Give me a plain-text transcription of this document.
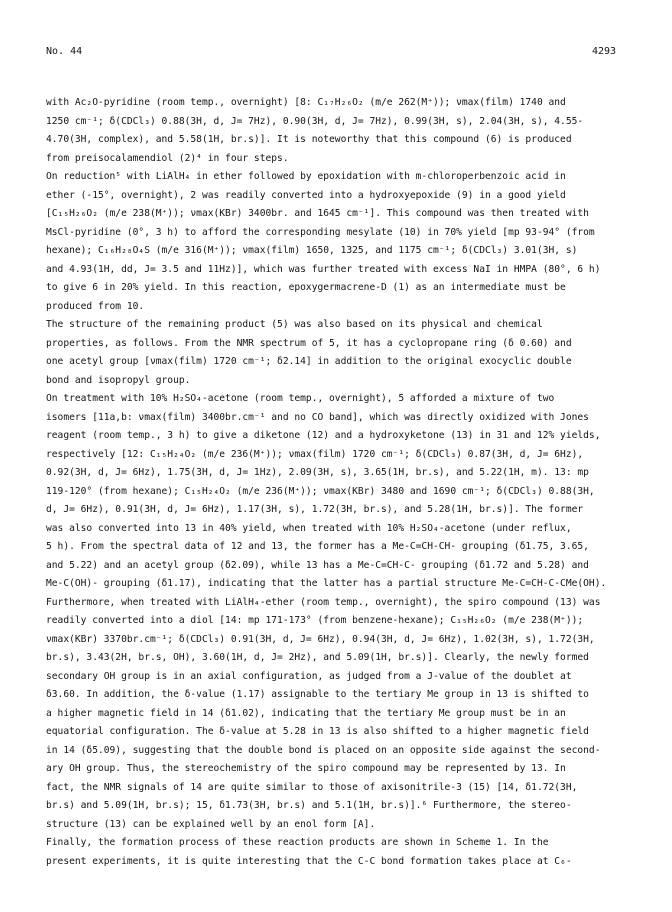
No. 44	4293
with Ac₂O-pyridine (room temp., overnight) [8: C₁₇H₂₆O₂ (m/e 262(M⁺)); νmax(film) 1740 and
1250 cm⁻¹; δ(CDCl₃) 0.88(3H, d, J= 7Hz), 0.90(3H, d, J= 7Hz), 0.99(3H, s), 2.04(3H, s), 4.55-
4.70(3H, complex), and 5.58(1H, br.s)]. It is noteworthy that this compound (6) is produced
from preisocalamendiol (2)⁴ in four steps.
On reduction⁵ with LiAlH₄ in ether followed by epoxidation with m-chloroperbenzoic acid in
ether (-15°, overnight), 2 was readily converted into a hydroxyepoxide (9) in a good yield
[C₁₅H₂₆O₂ (m/e 238(M⁺)); νmax(KBr) 3400br. and 1645 cm⁻¹]. This compound was then treated with
MsCl-pyridine (0°, 3 h) to afford the corresponding mesylate (10) in 70% yield [mp 93-94° (from
hexane); C₁₆H₂₈O₄S (m/e 316(M⁺)); νmax(film) 1650, 1325, and 1175 cm⁻¹; δ(CDCl₃) 3.01(3H, s)
and 4.93(1H, dd, J= 3.5 and 11Hz)], which was further treated with excess NaI in HMPA (80°, 6 h)
to give 6 in 20% yield. In this reaction, epoxygermacrene-D (1) as an intermediate must be
produced from 10.
The structure of the remaining product (5) was also based on its physical and chemical
properties, as follows. From the NMR spectrum of 5, it has a cyclopropane ring (δ 0.60) and
one acetyl group [νmax(film) 1720 cm⁻¹; δ2.14] in addition to the original exocyclic double
bond and isopropyl group.
On treatment with 10% H₂SO₄-acetone (room temp., overnight), 5 afforded a mixture of two
isomers [11a,b: νmax(film) 3400br.cm⁻¹ and no CO band], which was directly oxidized with Jones
reagent (room temp., 3 h) to give a diketone (12) and a hydroxyketone (13) in 31 and 12% yields,
respectively [12: C₁₅H₂₄O₂ (m/e 236(M⁺)); νmax(film) 1720 cm⁻¹; δ(CDCl₃) 0.87(3H, d, J= 6Hz),
0.92(3H, d, J= 6Hz), 1.75(3H, d, J= 1Hz), 2.09(3H, s), 3.65(1H, br.s), and 5.22(1H, m). 13: mp
119-120° (from hexane); C₁₅H₂₄O₂ (m/e 236(M⁺)); νmax(KBr) 3480 and 1690 cm⁻¹; δ(CDCl₃) 0.88(3H,
d, J= 6Hz), 0.91(3H, d, J= 6Hz), 1.17(3H, s), 1.72(3H, br.s), and 5.28(1H, br.s)]. The former
was also converted into 13 in 40% yield, when treated with 10% H₂SO₄-acetone (under reflux,
5 h). From the spectral data of 12 and 13, the former has a Me-C=CH-CH- grouping (δ1.75, 3.65,
and 5.22) and an acetyl group (δ2.09), while 13 has a Me-C=CH-C- grouping (δ1.72 and 5.28) and
Me-C(OH)- grouping (δ1.17), indicating that the latter has a partial structure Me-C=CH-C-CMe(OH).
Furthermore, when treated with LiAlH₄-ether (room temp., overnight), the spiro compound (13) was
readily converted into a diol [14: mp 171-173° (from benzene-hexane); C₁₅H₂₆O₂ (m/e 238(M⁺));
νmax(KBr) 3370br.cm⁻¹; δ(CDCl₃) 0.91(3H, d, J= 6Hz), 0.94(3H, d, J= 6Hz), 1.02(3H, s), 1.72(3H,
br.s), 3.43(2H, br.s, OH), 3.60(1H, d, J= 2Hz), and 5.09(1H, br.s)]. Clearly, the newly formed
secondary OH group is in an axial configuration, as judged from a J-value of the doublet at
δ3.60. In addition, the δ-value (1.17) assignable to the tertiary Me group in 13 is shifted to
a higher magnetic field in 14 (δ1.02), indicating that the tertiary Me group must be in an
equatorial configuration. The δ-value at 5.28 in 13 is also shifted to a higher magnetic field
in 14 (δ5.09), suggesting that the double bond is placed on an opposite side against the second-
ary OH group. Thus, the stereochemistry of the spiro compound may be represented by 13. In
fact, the NMR signals of 14 are quite similar to those of axisonitrile-3 (15) [14, δ1.72(3H,
br.s) and 5.09(1H, br.s); 15, δ1.73(3H, br.s) and 5.1(1H, br.s)].⁶ Furthermore, the stereo-
structure (13) can be explained well by an enol form [A].
Finally, the formation process of these reaction products are shown in Scheme 1. In the
present experiments, it is quite interesting that the C-C bond formation takes place at C₆-
